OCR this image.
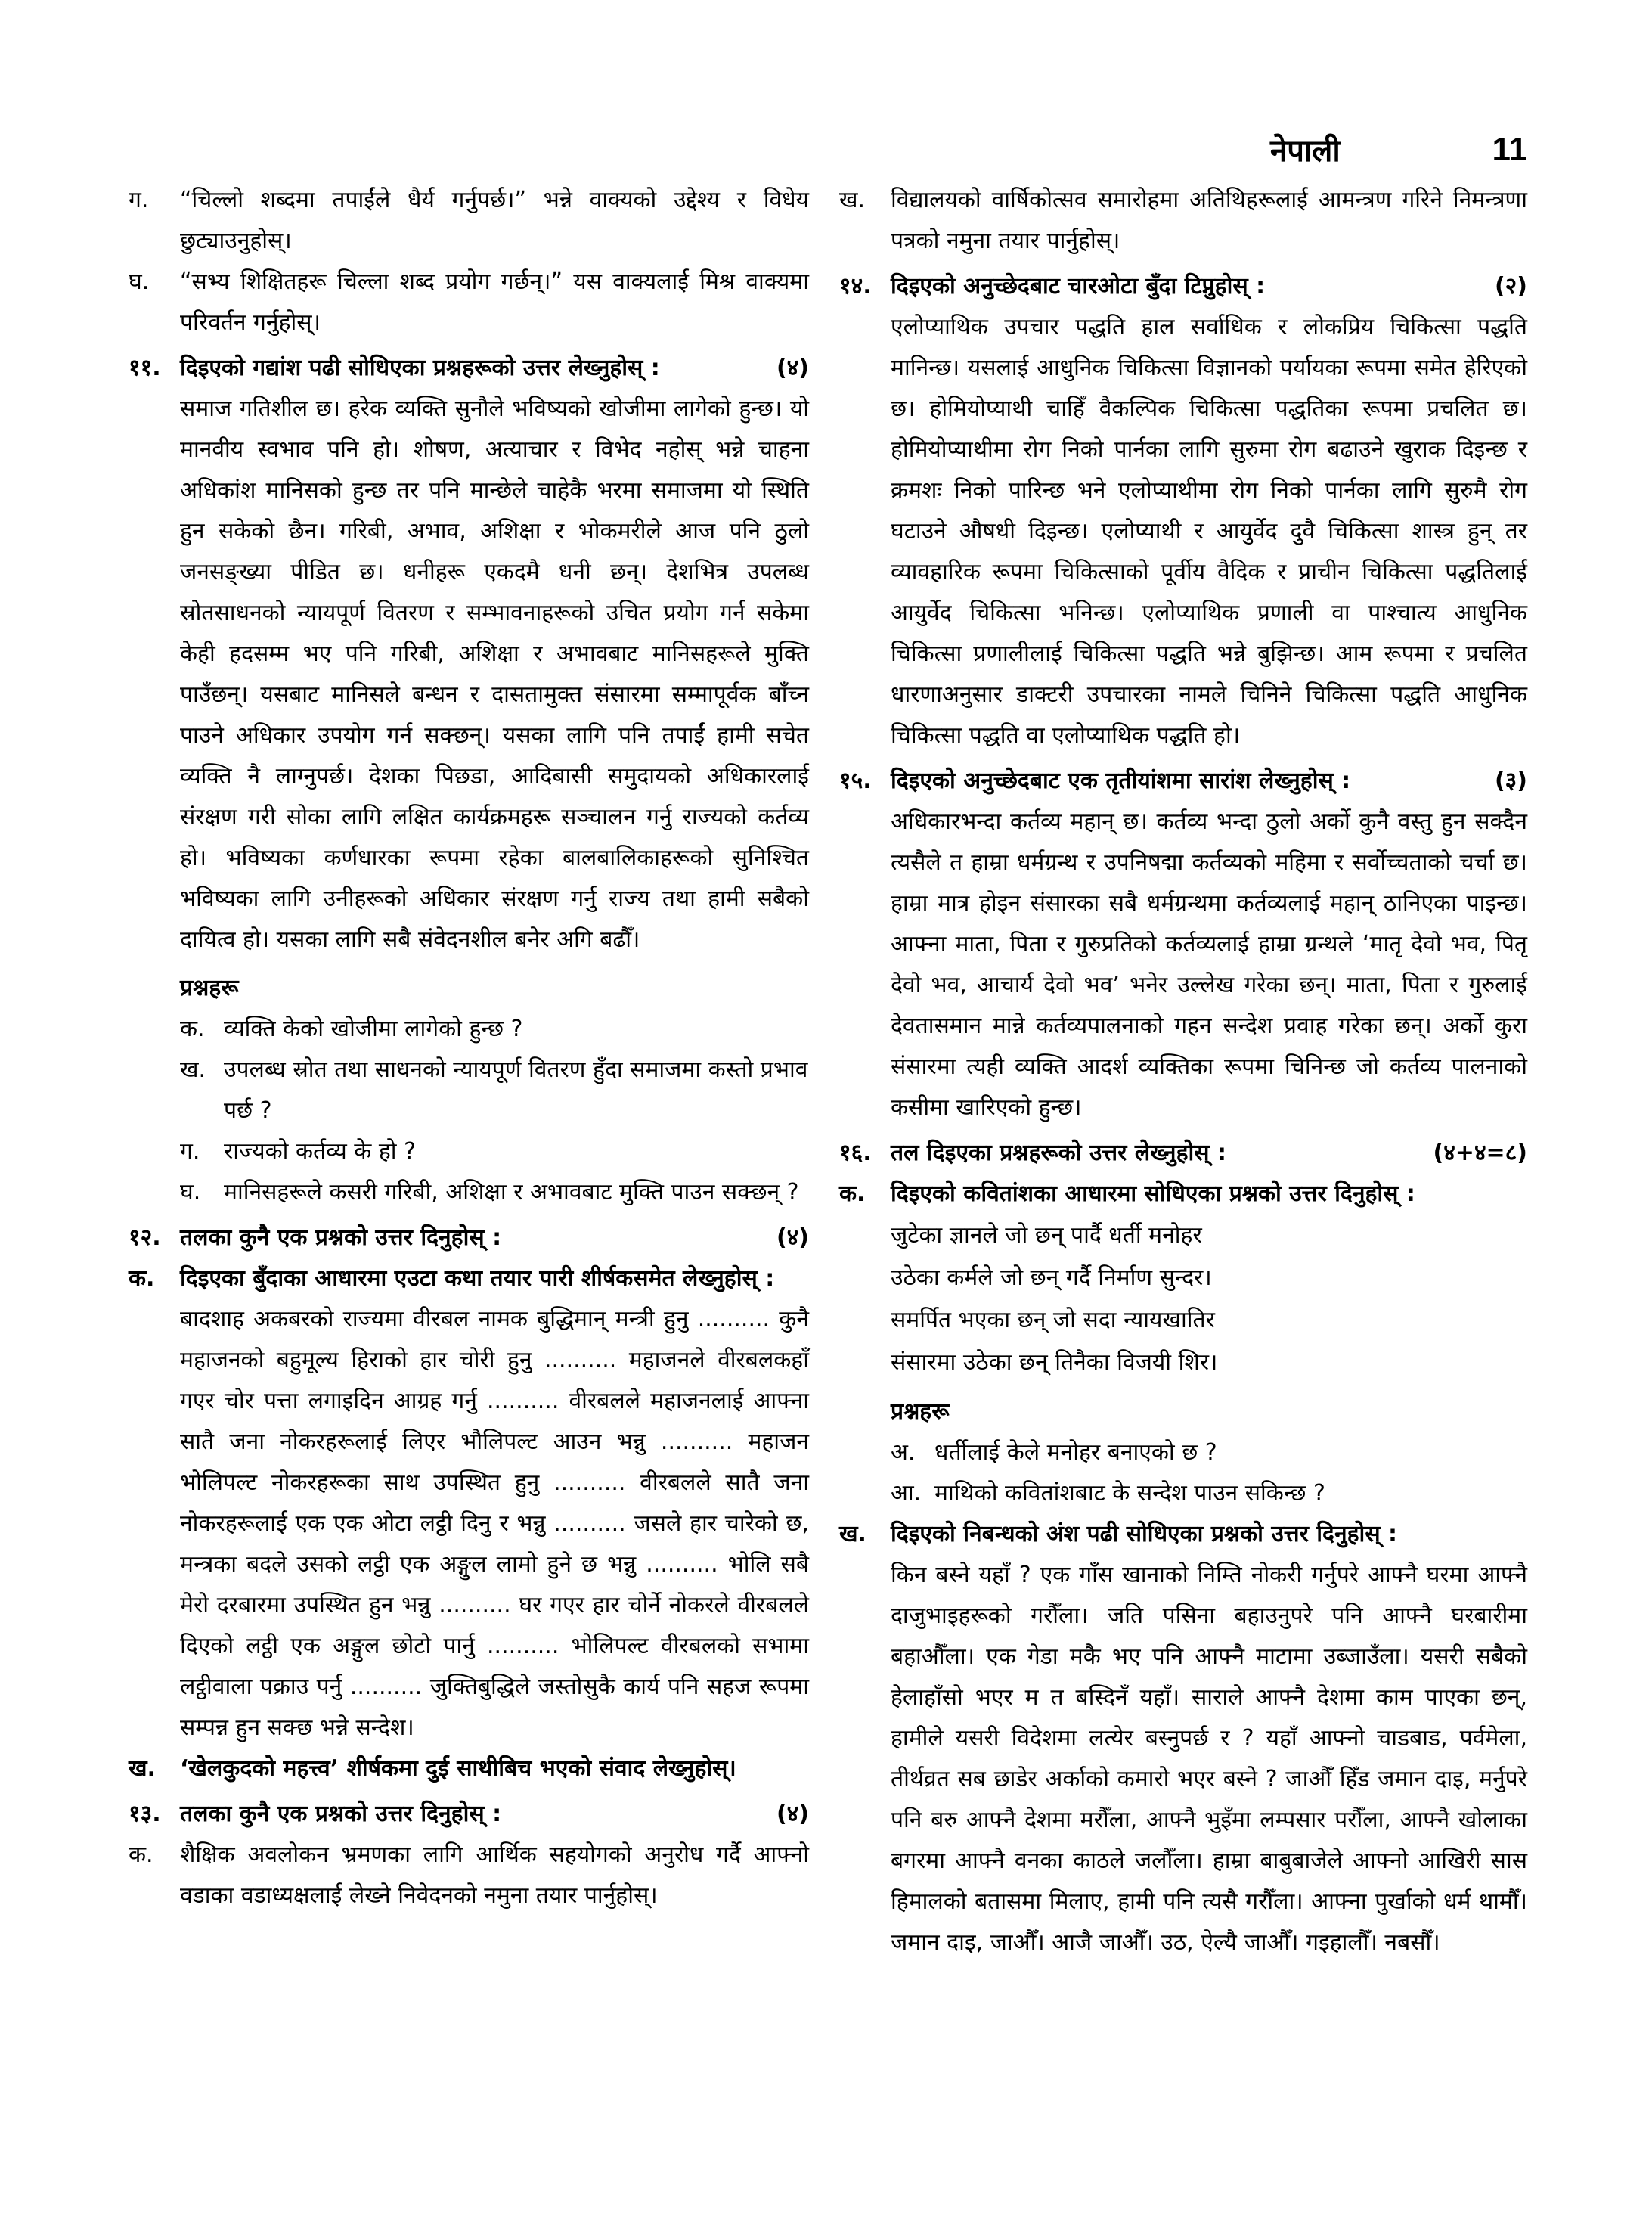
नेपाली	11
ग.	“चिल्लो शब्दमा तपाईंले धैर्य गर्नुपर्छ।” भन्ने वाक्यको उद्देश्य र विधेय छुट्याउनुहोस्।
घ.	“सभ्य शिक्षितहरू चिल्ला शब्द प्रयोग गर्छन्।” यस वाक्यलाई मिश्र वाक्यमा परिवर्तन गर्नुहोस्।
११. दिइएको गद्यांश पढी सोधिएका प्रश्नहरूको उत्तर लेख्नुहोस् :	(४)
समाज गतिशील छ। हरेक व्यक्ति सुनौले भविष्यको खोजीमा लागेको हुन्छ। यो मानवीय स्वभाव पनि हो। शोषण, अत्याचार र विभेद नहोस् भन्ने चाहना अधिकांश मानिसको हुन्छ तर पनि मान्छेले चाहेकै भरमा समाजमा यो स्थिति हुन सकेको छैन। गरिबी, अभाव, अशिक्षा र भोकमरीले आज पनि ठुलो जनसङ्ख्या पीडित छ। धनीहरू एकदमै धनी छन्। देशभित्र उपलब्ध स्रोतसाधनको न्यायपूर्ण वितरण र सम्भावनाहरूको उचित प्रयोग गर्न सकेमा केही हदसम्म भए पनि गरिबी, अशिक्षा र अभावबाट मानिसहरूले मुक्ति पाउँछन्। यसबाट मानिसले बन्धन र दासतामुक्त संसारमा सम्मापूर्वक बाँच्न पाउने अधिकार उपयोग गर्न सक्छन्। यसका लागि पनि तपाईं हामी सचेत व्यक्ति नै लाग्नुपर्छ। देशका पिछडा, आदिबासी समुदायको अधिकारलाई संरक्षण गरी सोका लागि लक्षित कार्यक्रमहरू सञ्चालन गर्नु राज्यको कर्तव्य हो। भविष्यका कर्णधारका रूपमा रहेका बालबालिकाहरूको सुनिश्चित भविष्यका लागि उनीहरूको अधिकार संरक्षण गर्नु राज्य तथा हामी सबैको दायित्व हो। यसका लागि सबै संवेदनशील बनेर अगि बढौँ।
प्रश्नहरू
क. व्यक्ति केको खोजीमा लागेको हुन्छ ?
ख. उपलब्ध स्रोत तथा साधनको न्यायपूर्ण वितरण हुँदा समाजमा कस्तो प्रभाव पर्छ ?
ग.	राज्यको कर्तव्य के हो ?
घ.	मानिसहरूले कसरी गरिबी, अशिक्षा र अभावबाट मुक्ति पाउन सक्छन् ?
१२. तलका कुनै एक प्रश्नको उत्तर दिनुहोस् :	(४)
क.	दिइएका बुँदाका आधारमा एउटा कथा तयार पारी शीर्षकसमेत लेख्नुहोस् :
बादशाह अकबरको राज्यमा वीरबल नामक बुद्धिमान् मन्त्री हुनु .......... कुनै महाजनको बहुमूल्य हिराको हार चोरी हुनु .......... महाजनले वीरबलकहाँ गएर चोर पत्ता लगाइदिन आग्रह गर्नु .......... वीरबलले महाजनलाई आफ्ना सातै जना नोकरहरूलाई लिएर भौलिपल्ट आउन भन्नु .......... महाजन भोलिपल्ट नोकरहरूका साथ उपस्थित हुनु .......... वीरबलले सातै जना नोकरहरूलाई एक एक ओटा लट्ठी दिनु र भन्नु .......... जसले हार चारेको छ, मन्त्रका बदले उसको लट्ठी एक अङ्गुल लामो हुने छ भन्नु .......... भोलि सबै मेरो दरबारमा उपस्थित हुन भन्नु .......... घर गएर हार चोर्ने नोकरले वीरबलले दिएको लट्ठी एक अङ्गुल छोटो पार्नु .......... भोलिपल्ट वीरबलको सभामा लट्ठीवाला पक्राउ पर्नु .......... जुक्तिबुद्धिले जस्तोसुकै कार्य पनि सहज रूपमा सम्पन्न हुन सक्छ भन्ने सन्देश।
ख.	‘खेलकुदको महत्त्व’ शीर्षकमा दुई साथीबिच भएको संवाद लेख्नुहोस्।
१३. तलका कुनै एक प्रश्नको उत्तर दिनुहोस् :	(४)
क.	शैक्षिक अवलोकन भ्रमणका लागि आर्थिक सहयोगको अनुरोध गर्दै आफ्नो वडाका वडाध्यक्षलाई लेख्ने निवेदनको नमुना तयार पार्नुहोस्।
ख.	विद्यालयको वार्षिकोत्सव समारोहमा अतिथिहरूलाई आमन्त्रण गरिने निमन्त्रणा पत्रको नमुना तयार पार्नुहोस्।
१४. दिइएको अनुच्छेदबाट चारओटा बुँदा टिप्नुहोस् :	(२)
एलोप्याथिक उपचार पद्धति हाल सर्वाधिक र लोकप्रिय चिकित्सा पद्धति मानिन्छ। यसलाई आधुनिक चिकित्सा विज्ञानको पर्यायका रूपमा समेत हेरिएको छ। होमियोप्याथी चाहिँ वैकल्पिक चिकित्सा पद्धतिका रूपमा प्रचलित छ। होमियोप्याथीमा रोग निको पार्नका लागि सुरुमा रोग बढाउने खुराक दिइन्छ र क्रमशः निको पारिन्छ भने एलोप्याथीमा रोग निको पार्नका लागि सुरुमै रोग घटाउने औषधी दिइन्छ। एलोप्याथी र आयुर्वेद दुवै चिकित्सा शास्त्र हुन् तर व्यावहारिक रूपमा चिकित्साको पूर्वीय वैदिक र प्राचीन चिकित्सा पद्धतिलाई आयुर्वेद चिकित्सा भनिन्छ। एलोप्याथिक प्रणाली वा पाश्चात्य आधुनिक चिकित्सा प्रणालीलाई चिकित्सा पद्धति भन्ने बुझिन्छ। आम रूपमा र प्रचलित धारणाअनुसार डाक्टरी उपचारका नामले चिनिने चिकित्सा पद्धति आधुनिक चिकित्सा पद्धति वा एलोप्याथिक पद्धति हो।
१५. दिइएको अनुच्छेदबाट एक तृतीयांशमा सारांश लेख्नुहोस् :	(३)
अधिकारभन्दा कर्तव्य महान् छ। कर्तव्य भन्दा ठुलो अर्को कुनै वस्तु हुन सक्दैन त्यसैले त हाम्रा धर्मग्रन्थ र उपनिषद्मा कर्तव्यको महिमा र सर्वोच्चताको चर्चा छ। हाम्रा मात्र होइन संसारका सबै धर्मग्रन्थमा कर्तव्यलाई महान् ठानिएका पाइन्छ। आफ्ना माता, पिता र गुरुप्रतिको कर्तव्यलाई हाम्रा ग्रन्थले ‘मातृ देवो भव, पितृ देवो भव, आचार्य देवो भव’ भनेर उल्लेख गरेका छन्। माता, पिता र गुरुलाई देवतासमान मान्ने कर्तव्यपालनाको गहन सन्देश प्रवाह गरेका छन्। अर्को कुरा संसारमा त्यही व्यक्ति आदर्श व्यक्तिका रूपमा चिनिन्छ जो कर्तव्य पालनाको कसीमा खारिएको हुन्छ।
१६. तल दिइएका प्रश्नहरूको उत्तर लेख्नुहोस् :	(४+४=८)
क.	दिइएको कवितांशका आधारमा सोधिएका प्रश्नको उत्तर दिनुहोस् :
जुटेका ज्ञानले जो छन् पार्दै धर्ती मनोहर
उठेका कर्मले जो छन् गर्दै निर्माण सुन्दर।
समर्पित भएका छन् जो सदा न्यायखातिर
संसारमा उठेका छन् तिनैका विजयी शिर।
प्रश्नहरू
अ. धर्तीलाई केले मनोहर बनाएको छ ?
आ. माथिको कवितांशबाट के सन्देश पाउन सकिन्छ ?
ख.	दिइएको निबन्धको अंश पढी सोधिएका प्रश्नको उत्तर दिनुहोस् :
किन बस्ने यहाँ ? एक गाँस खानाको निम्ति नोकरी गर्नुपरे आफ्नै घरमा आफ्नै दाजुभाइहरूको गरौँला। जति पसिना बहाउनुपरे पनि आफ्नै घरबारीमा बहाऔँला। एक गेडा मकै भए पनि आफ्नै माटामा उब्जाउँला। यसरी सबैको हेलाहाँसो भएर म त बस्दिनँ यहाँ। साराले आफ्नै देशमा काम पाएका छन्, हामीले यसरी विदेशमा लत्येर बस्नुपर्छ र ? यहाँ आफ्नो चाडबाड, पर्वमेला, तीर्थव्रत सब छाडेर अर्काको कमारो भएर बस्ने ? जाऔँ हिँड जमान दाइ, मर्नुपरे पनि बरु आफ्नै देशमा मरौँला, आफ्नै भुइँमा लम्पसार परौँला, आफ्नै खोलाका बगरमा आफ्नै वनका काठले जलौँला। हाम्रा बाबुबाजेले आफ्नो आखिरी सास हिमालको बतासमा मिलाए, हामी पनि त्यसै गरौँला। आफ्ना पुर्खाको धर्म थामौँ। जमान दाइ, जाऔँ। आजै जाऔँ। उठ, ऐल्यै जाऔँ। गइहालौँ। नबसौँ।
